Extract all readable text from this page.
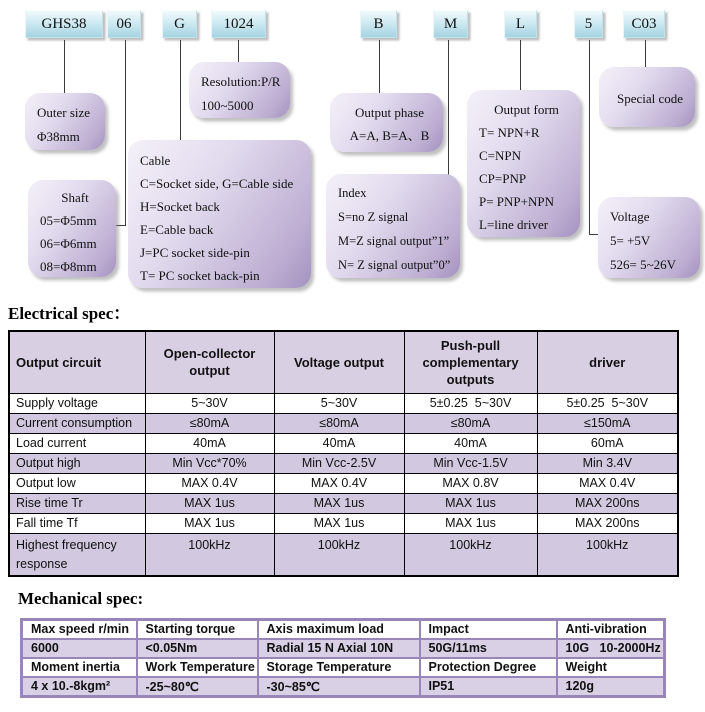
GHS38	06	G	1024	B	M	L	5	C03
Outer size
Φ38mm
Resolution:P/R
100~5000
Shaft
05=Φ5mm
06=Φ6mm
08=Φ8mm
Cable
C=Socket side, G=Cable side
H=Socket back
E=Cable back
J=PC socket side-pin
T= PC socket back-pin
Output phase
A=A, B=A、B
Index
S=no Z signal
M=Z signal output”1”
N= Z signal output”0”
Output form
T= NPN+R
C=NPN
CP=PNP
P= PNP+NPN
L=line driver
Voltage
5= +5V
526= 5~26V
Special code
Electrical spec：
Output circuit	Open-collector output	Voltage output	Push-pull complementary outputs	driver
Supply voltage	5~30V	5~30V	5±0.25  5~30V	5±0.25  5~30V
Current consumption	≤80mA	≤80mA	≤80mA	≤150mA
Load current	40mA	40mA	40mA	60mA
Output high	Min Vcc*70%	Min Vcc-2.5V	Min Vcc-1.5V	Min 3.4V
Output low	MAX 0.4V	MAX 0.4V	MAX 0.8V	MAX 0.4V
Rise time Tr	MAX 1us	MAX 1us	MAX 1us	MAX 200ns
Fall time Tf	MAX 1us	MAX 1us	MAX 1us	MAX 200ns
Highest frequency response	100kHz	100kHz	100kHz	100kHz
Mechanical spec:
Max speed r/min	Starting torque	Axis maximum load	Impact	Anti-vibration
6000	<0.05Nm	Radial 15 N Axial 10N	50G/11ms	10G   10-2000Hz
Moment inertia	Work Temperature	Storage Temperature	Protection Degree	Weight
4 x 10.-8kgm²	-25~80℃	-30~85℃	IP51	120g
